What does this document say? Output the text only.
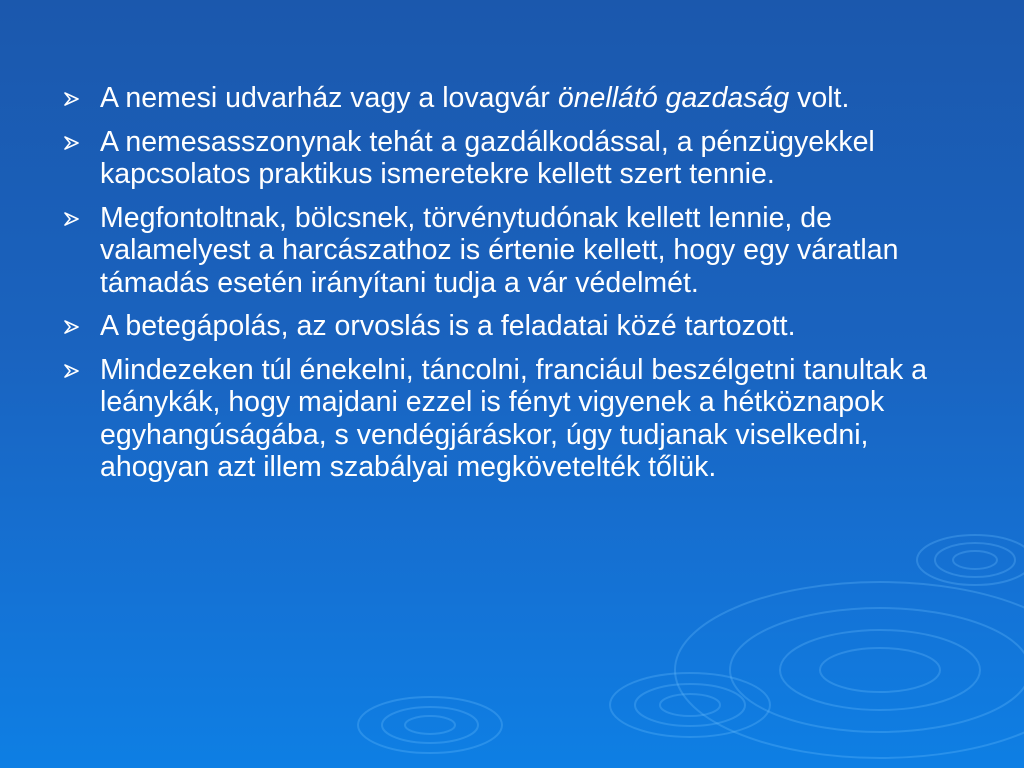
A nemesi udvarház vagy a lovagvár önellátó gazdaság volt.
A nemesasszonynak tehát a gazdálkodással, a pénzügyekkel kapcsolatos praktikus ismeretekre kellett szert tennie.
Megfontoltnak, bölcsnek, törvénytudónak kellett lennie, de valamelyest a harcászathoz is értenie kellett, hogy egy váratlan támadás esetén irányítani tudja a vár védelmét.
A betegápolás, az orvoslás is a feladatai közé tartozott.
Mindezeken túl énekelni, táncolni, franciául beszélgetni tanultak a leánykák, hogy majdani ezzel is fényt vigyenek a hétköznapok egyhangúságába, s vendégjáráskor, úgy tudjanak viselkedni, ahogyan azt illem szabályai megkövetelték tőlük.
